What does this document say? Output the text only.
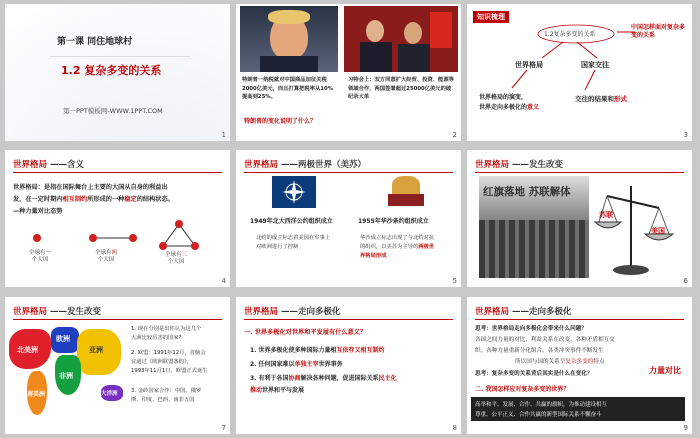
第一课 同住地球村
1.2 复杂多变的关系
第一PPT模板网-WWW.1PPT.COM
1
特朗普一纳税就对中国商品加征关税2000亿美元，而且打算把税率从10%提高到25%。
习特会上：双方同意扩大经贸、投资、能源等领域合作，两国签署超过25000亿美元的破纪录大单
特朗普的变化说明了什么？
2
知识梳理
1.2复杂多变的关系
中国怎样面对复杂多变的关系
世界格局	国家交往
世界格局的演变，
世界走向多极化的意义
交往的结果和形式
3
世界格局 ——含义
世界格局：是指在国际舞台上主要的大国从自身的利益出
发，在一定时期内相互制约所形成的一种稳定的结构状态。
—种力量对比态势
全球有一
个大国
全球有两
个大国
全球有三
个大国
4
世界格局 ——两极世界（美苏）
1949年北大西洋公约组织成立	1955年华沙条约组织成立
北约的成立标志着美国在军事上
对欧洲进行了控制
华沙成立标志出现了与北约对抗
的组织，以美苏为主导的两极世
界格局形成
5
世界格局 ——发生改变
红旗落地 苏联解体
苏联
美国
6
世界格局 ——发生改变
北美洲
欧洲
亚洲
非洲
南美洲	大洋洲
1. 现在分别是出你认为这几个
大洲比较厉害的国家?
2. 欧盟：1991年12月，首脑会
议通过《欧洲联盟条约》，
1993年11月1日，欧盟正式诞生
3. 金砖国家合作：中国、俄罗
斯、印度、巴西、南非五国
7
世界格局 ——走向多极化
一. 世界多极化对世界和平发展有什么意义？
1. 世界多极化使多种国际力量相互依存又相互制约
2. 任何国家难以单独主宰世界事务
3. 有利于各国协商解决各种问题，促进国际关系民主化
推动世界和平与发展
8
世界格局 ——走向多极化
思考：世界格局走向多极化会带来什么问题？
各国之间力量的对比，利益关系在改变，各种矛盾相互交
织。各种力量重新分化组合，各类冲突事件不断发生
所以国与国的关系呈复杂多变的特点
思考：复杂多变的关系背后其实是什么在变化？	力量对比
二. 我国怎样应对复杂多变的世界？
高举和平、发展、合作、共赢的旗帜，为推动建设相互
尊重、公平正义、合作共赢的新型国际关系不懈奋斗
9
